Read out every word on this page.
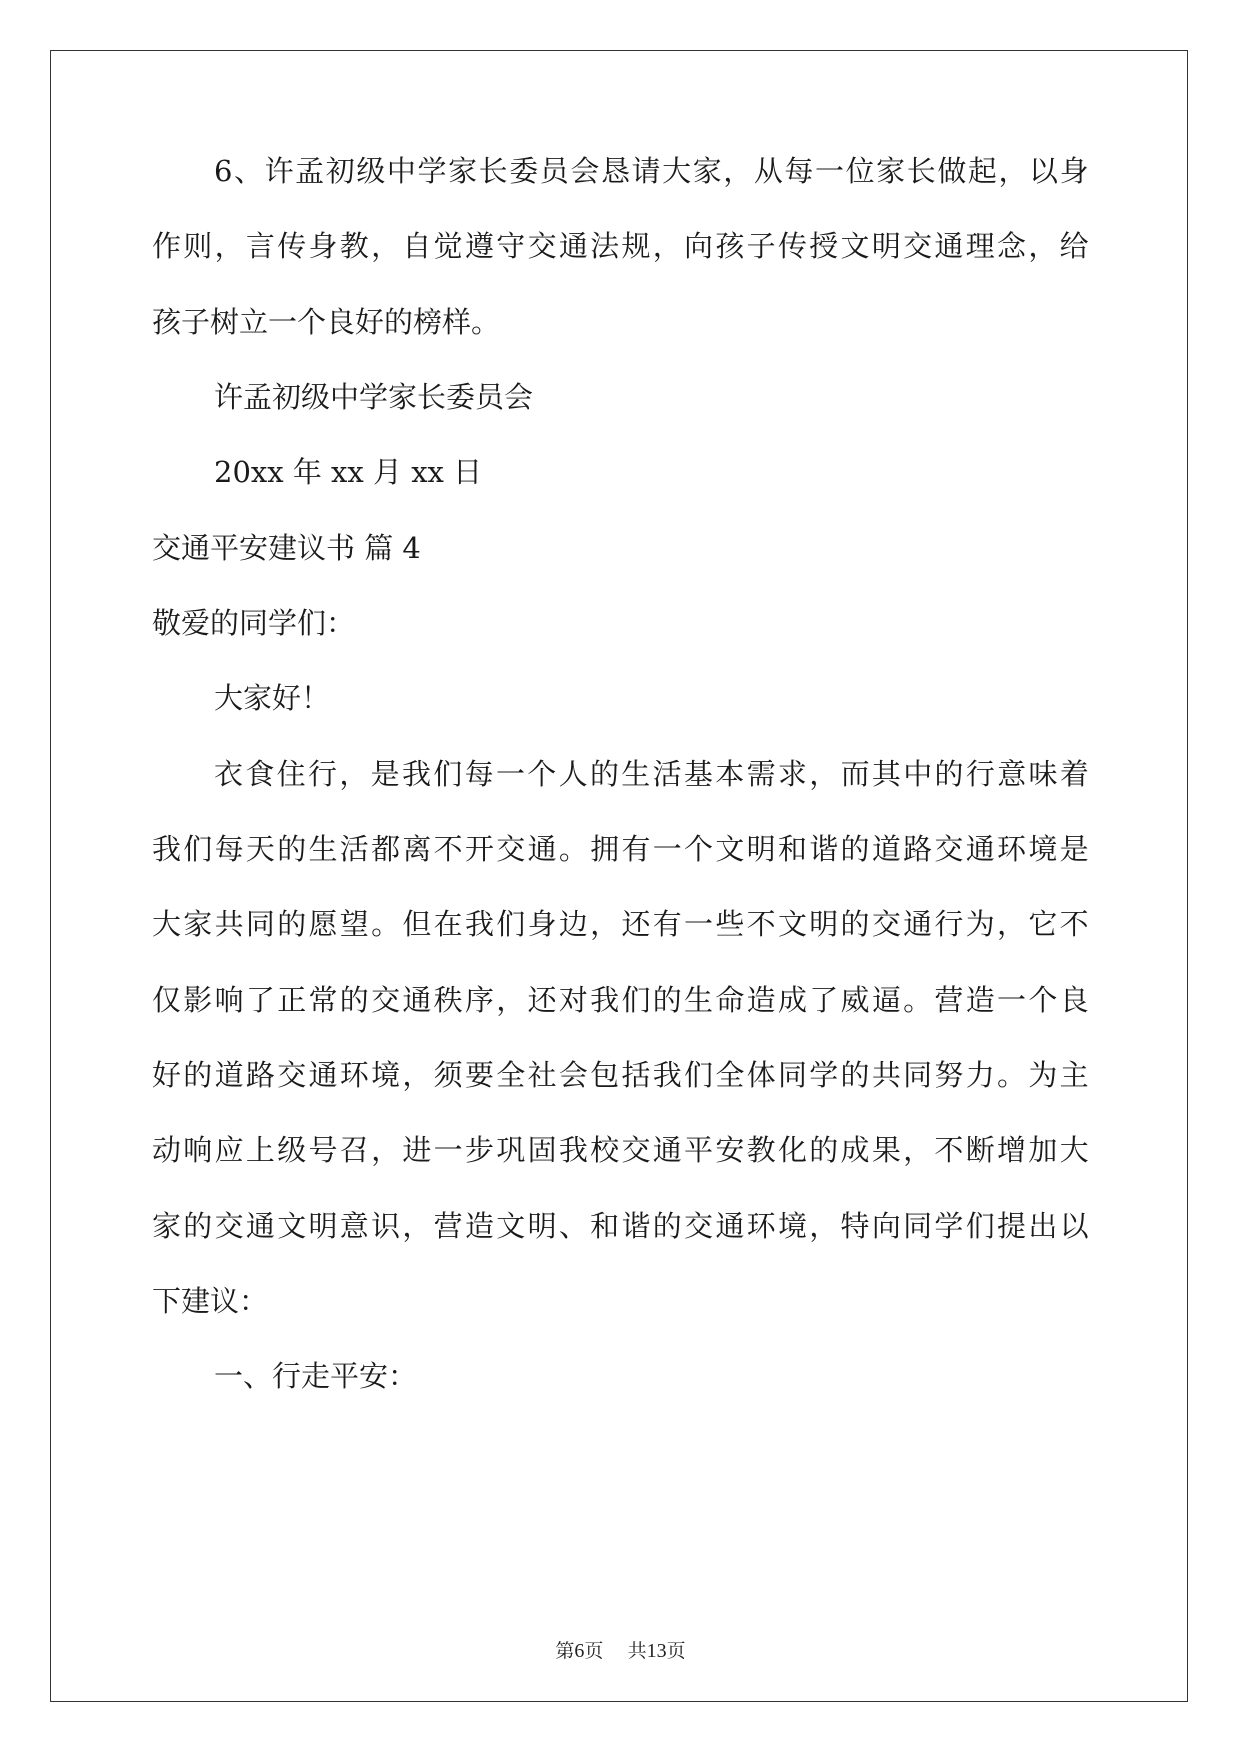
6 、 许 孟 初 级 中 学 家 长 委 员 会 恳 请 大 家 ， 从 每 一 位 家 长 做 起 ， 以 身
作 则 ， 言 传 身 教 ， 自 觉 遵 守 交 通 法 规 ， 向 孩 子 传 授 文 明 交 通 理 念 ， 给
孩子树立一个良好的榜样。
许孟初级中学家长委员会
20xx 年 xx 月 xx 日
交通平安建议书 篇 4
敬爱的同学们：
大家好！
衣 食 住 行 ， 是 我 们 每 一 个 人 的 生 活 基 本 需 求 ， 而 其 中 的 行 意 味 着
我 们 每 天 的 生 活 都 离 不 开 交 通 。 拥 有 一 个 文 明 和 谐 的 道 路 交 通 环 境 是
大 家 共 同 的 愿 望 。 但 在 我 们 身 边 ， 还 有 一 些 不 文 明 的 交 通 行 为 ， 它 不
仅 影 响 了 正 常 的 交 通 秩 序 ， 还 对 我 们 的 生 命 造 成 了 威 逼 。 营 造 一 个 良
好 的 道 路 交 通 环 境 ， 须 要 全 社 会 包 括 我 们 全 体 同 学 的 共 同 努 力 。 为 主
动 响 应 上 级 号 召 ， 进 一 步 巩 固 我 校 交 通 平 安 教 化 的 成 果 ， 不 断 增 加 大
家 的 交 通 文 明 意 识 ， 营 造 文 明 、 和 谐 的 交 通 环 境 ， 特 向 同 学 们 提 出 以
下建议：
一、行走平安：
第6页 共13页
